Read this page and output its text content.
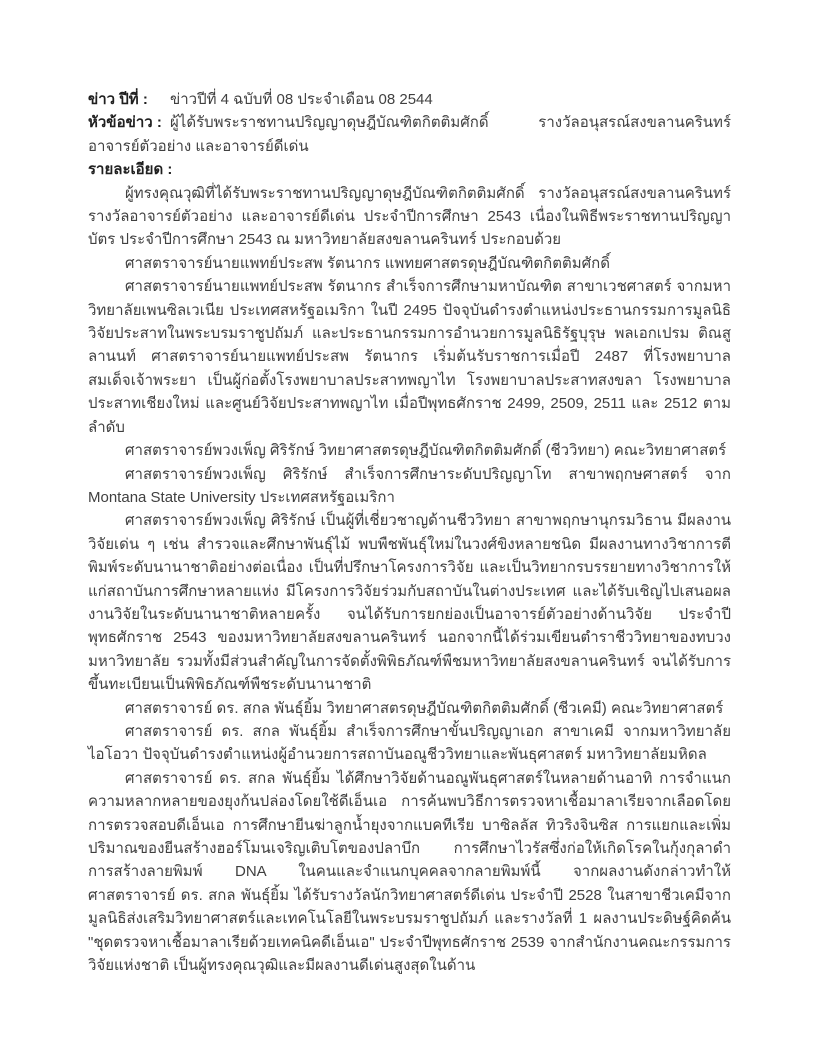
ข่าว ปีที่ : ข่าวปีที่ 4 ฉบับที่ 08 ประจำเดือน 08 2544
หัวข้อข่าว : ผู้ได้รับพระราชทานปริญญาดุษฎีบัณฑิตกิตติมศักดิ์ รางวัลอนุสรณ์สงขลานครินทร์ อาจารย์ตัวอย่าง และอาจารย์ดีเด่น
รายละเอียด :

ผู้ทรงคุณวุฒิที่ได้รับพระราชทานปริญญาดุษฎีบัณฑิตกิตติมศักดิ์ รางวัลอนุสรณ์สงขลานครินทร์ รางวัลอาจารย์ตัวอย่าง และอาจารย์ดีเด่น ประจำปีการศึกษา 2543 เนื่องในพิธีพระราชทานปริญญาบัตร ประจำปีการศึกษา 2543 ณ มหาวิทยาลัยสงขลานครินทร์ ประกอบด้วย

ศาสตราจารย์นายแพทย์ประสพ รัตนากร แพทยศาสตรดุษฎีบัณฑิตกิตติมศักดิ์

ศาสตราจารย์นายแพทย์ประสพ รัตนากร สำเร็จการศึกษามหาบัณฑิต สาขาเวชศาสตร์ จากมหาวิทยาลัยเพนซิลเวเนีย ประเทศสหรัฐอเมริกา ในปี 2495 ปัจจุบันดำรงตำแหน่งประธานกรรมการมูลนิธิวิจัยประสาทในพระบรมราชูปถัมภ์ และประธานกรรมการอำนวยการมูลนิธิรัฐบุรุษ พลเอกเปรม ติณสูลานนท์ ศาสตราจารย์นายแพทย์ประสพ รัตนากร เริ่มต้นรับราชการเมื่อปี 2487 ที่โรงพยาบาลสมเด็จเจ้าพระยา เป็นผู้ก่อตั้งโรงพยาบาลประสาทพญาไท โรงพยาบาลประสาทสงขลา โรงพยาบาลประสาทเชียงใหม่ และศูนย์วิจัยประสาทพญาไท เมื่อปีพุทธศักราช 2499, 2509, 2511 และ 2512 ตามลำดับ

ศาสตราจารย์พวงเพ็ญ ศิริรักษ์ วิทยาศาสตรดุษฎีบัณฑิตกิตติมศักดิ์ (ชีววิทยา) คณะวิทยาศาสตร์

ศาสตราจารย์พวงเพ็ญ ศิริรักษ์ สำเร็จการศึกษาระดับปริญญาโท สาขาพฤกษศาสตร์ จาก Montana State University ประเทศสหรัฐอเมริกา

ศาสตราจารย์พวงเพ็ญ ศิริรักษ์ เป็นผู้ที่เชี่ยวชาญด้านชีววิทยา สาขาพฤกษานุกรมวิธาน มีผลงานวิจัยเด่น ๆ เช่น สำรวจและศึกษาพันธุ์ไม้ พบพืชพันธุ์ใหม่ในวงศ์ขิงหลายชนิด มีผลงานทางวิชาการตีพิมพ์ระดับนานาชาติอย่างต่อเนื่อง เป็นที่ปรึกษาโครงการวิจัย และเป็นวิทยากรบรรยายทางวิชาการให้แก่สถาบันการศึกษาหลายแห่ง มีโครงการวิจัยร่วมกับสถาบันในต่างประเทศ และได้รับเชิญไปเสนอผลงานวิจัยในระดับนานาชาติหลายครั้ง จนได้รับการยกย่องเป็นอาจารย์ตัวอย่างด้านวิจัย ประจำปีพุทธศักราช 2543 ของมหาวิทยาลัยสงขลานครินทร์ นอกจากนี้ได้ร่วมเขียนตำราชีววิทยาของทบวงมหาวิทยาลัย รวมทั้งมีส่วนสำคัญในการจัดตั้งพิพิธภัณฑ์พืชมหาวิทยาลัยสงขลานครินทร์ จนได้รับการขึ้นทะเบียนเป็นพิพิธภัณฑ์พืชระดับนานาชาติ

ศาสตราจารย์ ดร. สกล พันธุ์ยิ้ม วิทยาศาสตรดุษฎีบัณฑิตกิตติมศักดิ์ (ชีวเคมี) คณะวิทยาศาสตร์

ศาสตราจารย์ ดร. สกล พันธุ์ยิ้ม สำเร็จการศึกษาขั้นปริญญาเอก สาขาเคมี จากมหาวิทยาลัยไอโอวา ปัจจุบันดำรงตำแหน่งผู้อำนวยการสถาบันอณูชีววิทยาและพันธุศาสตร์ มหาวิทยาลัยมหิดล

ศาสตราจารย์ ดร. สกล พันธุ์ยิ้ม ได้ศึกษาวิจัยด้านอณูพันธุศาสตร์ในหลายด้านอาทิ การจำแนกความหลากหลายของยุงก้นปล่องโดยใช้ดีเอ็นเอ การค้นพบวิธีการตรวจหาเชื้อมาลาเรียจากเลือดโดยการตรวจสอบดีเอ็นเอ การศึกษายีนฆ่าลูกน้ำยุงจากแบคทีเรีย บาซิลลัส ทิวริงจินซิส การแยกและเพิ่มปริมาณของยีนสร้างฮอร์โมนเจริญเติบโตของปลาบึก การศึกษาไวรัสซึ่งก่อให้เกิดโรคในกุ้งกุลาดำ การสร้างลายพิมพ์ DNA ในคนและจำแนกบุคคลจากลายพิมพ์นี้ จากผลงานดังกล่าวทำให้ศาสตราจารย์ ดร. สกล พันธุ์ยิ้ม ได้รับรางวัลนักวิทยาศาสตร์ดีเด่น ประจำปี 2528 ในสาขาชีวเคมีจากมูลนิธิส่งเสริมวิทยาศาสตร์และเทคโนโลยีในพระบรมราชูปถัมภ์ และรางวัลที่ 1 ผลงานประดิษฐ์คิดค้น "ชุดตรวจหาเชื้อมาลาเรียด้วยเทคนิคดีเอ็นเอ" ประจำปีพุทธศักราช 2539 จากสำนักงานคณะกรรมการวิจัยแห่งชาติ เป็นผู้ทรงคุณวุฒิและมีผลงานดีเด่นสูงสุดในด้าน
